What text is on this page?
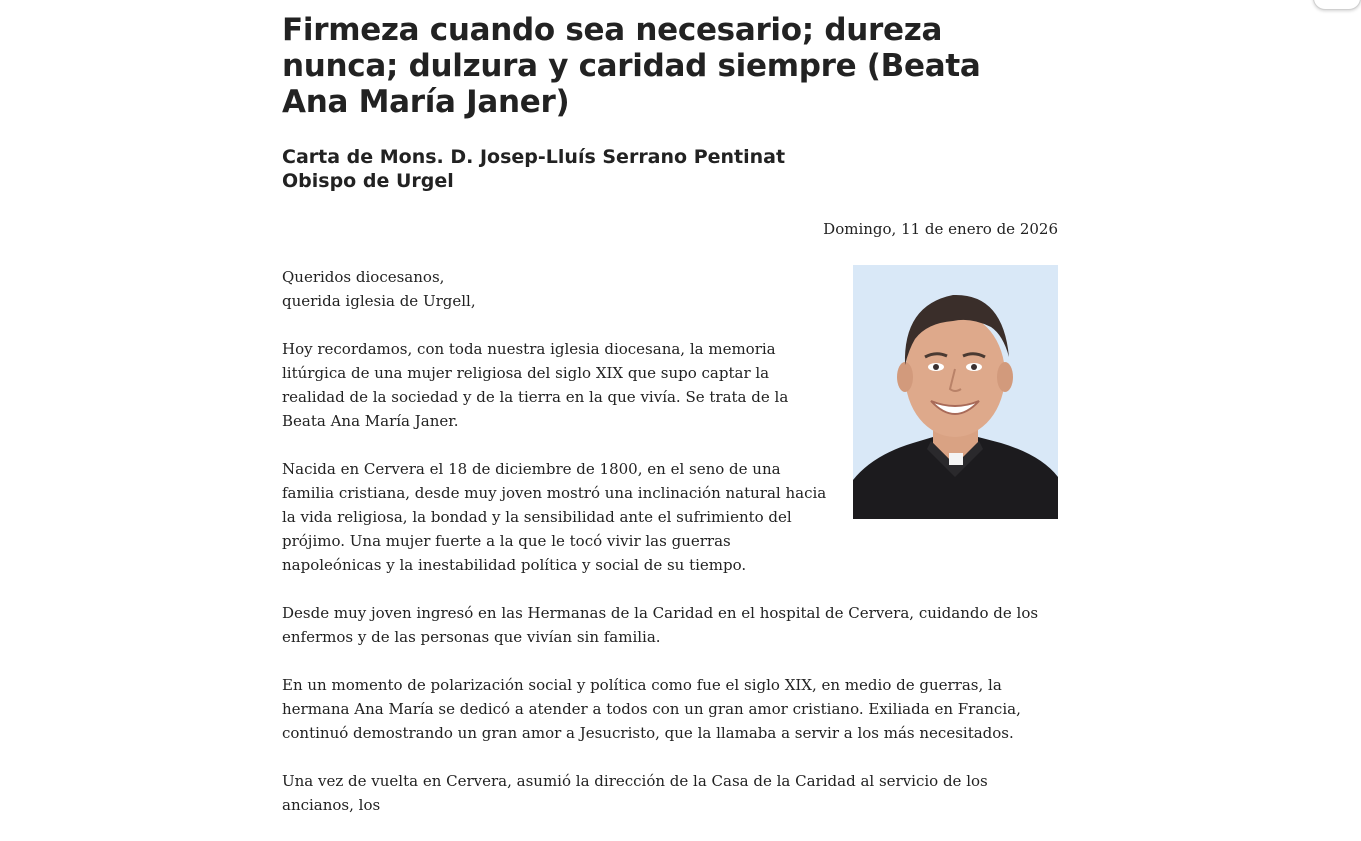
Firmeza cuando sea necesario; dureza nunca; dulzura y caridad siempre (Beata Ana María Janer)
Carta de Mons. D. Josep-Lluís Serrano Pentinat
Obispo de Urgel
Domingo, 11 de enero de 2026

Queridos diocesanos,
querida iglesia de Urgell,

Hoy recordamos, con toda nuestra iglesia diocesana, la memoria litúrgica de una mujer religiosa del siglo XIX que supo captar la realidad de la sociedad y de la tierra en la que vivía. Se trata de la Beata Ana María Janer.

Nacida en Cervera el 18 de diciembre de 1800, en el seno de una familia cristiana, desde muy joven mostró una inclinación natural hacia la vida religiosa, la bondad y la sensibilidad ante el sufrimiento del prójimo. Una mujer fuerte a la que le tocó vivir las guerras napoleónicas y la inestabilidad política y social de su tiempo.

Desde muy joven ingresó en las Hermanas de la Caridad en el hospital de Cervera, cuidando de los enfermos y de las personas que vivían sin familia.

En un momento de polarización social y política como fue el siglo XIX, en medio de guerras, la hermana Ana María se dedicó a atender a todos con un gran amor cristiano. Exiliada en Francia, continuó demostrando un gran amor a Jesucristo, que la llamaba a servir a los más necesitados.

Una vez de vuelta en Cervera, asumió la dirección de la Casa de la Caridad al servicio de los ancianos, los
